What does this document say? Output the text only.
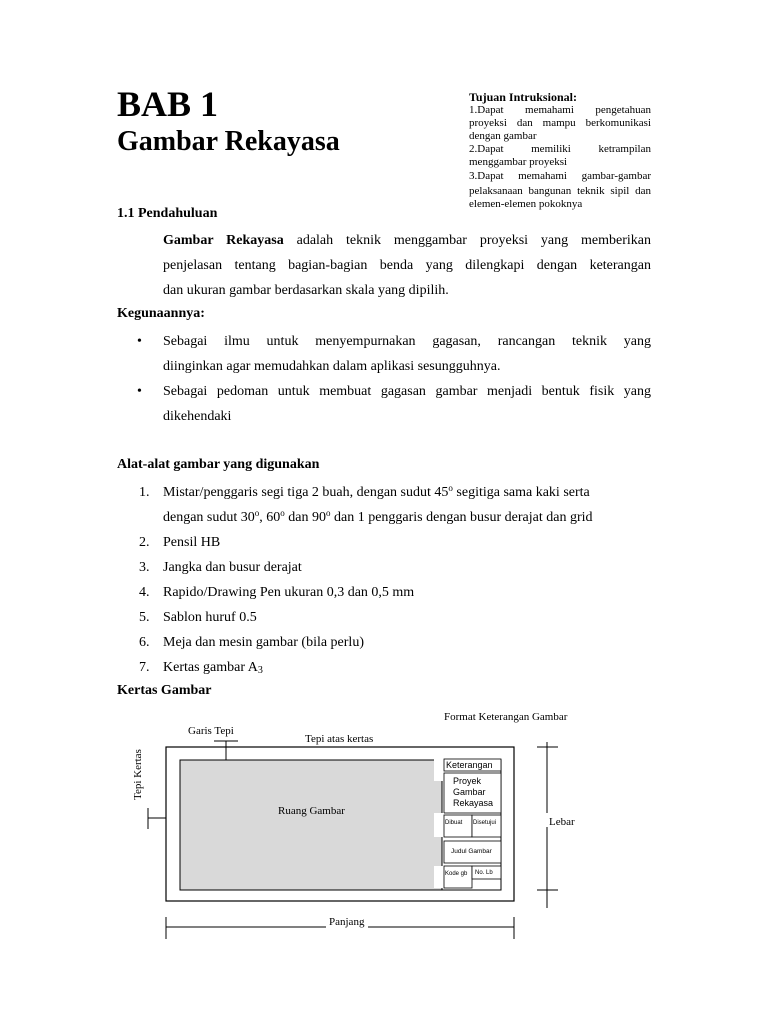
BAB 1
Gambar Rekayasa
Tujuan Intruksional:

1.Dapat memahami pengetahuan

proyeksi dan mampu berkomunikasi

dengan gambar

2.Dapat memiliki ketrampilan

menggambar proyeksi

3.Dapat memahami gambar-gambar

pelaksanaan bangunan teknik sipil dan

elemen-elemen pokoknya

1.1 Pendahuluan

Gambar Rekayasa adalah teknik menggambar proyeksi yang memberikan

penjelasan tentang bagian-bagian benda yang dilengkapi dengan keterangan

dan ukuran gambar berdasarkan skala yang dipilih.

Kegunaannya:
• Sebagai ilmu untuk menyempurnakan gagasan, rancangan teknik yang
diinginkan agar memudahkan dalam aplikasi sesungguhnya.
• Sebagai pedoman untuk membuat gagasan gambar menjadi bentuk fisik yang
dikehendaki
Alat-alat gambar yang digunakan
1. Mistar/penggaris segi tiga 2 buah, dengan sudut 45$^o$ segitiga sama kaki serta
dengan sudut 30$^o$, 60$^o$ dan 90$^o$ dan 1 penggaris dengan busur derajat dan grid
2. Pensil HB
3. Jangka dan busur derajat
4. Rapido/Drawing Pen ukuran 0,3 dan 0,5 mm
5. Sablon huruf 0.5
6. Meja dan mesin gambar (bila perlu)
7. Kertas gambar $A_3$
Kertas Gambar
Keterangan
Proyek
Gambar
Rekayasa
Dibuat Disetujui
Judul Gambar
Kode gb No. Lb
Format Keterangan Gambar
Garis Tepi
Tepi atas kertas
Tepi Kertas
Ruang Gambar
Lebar
Panjang
